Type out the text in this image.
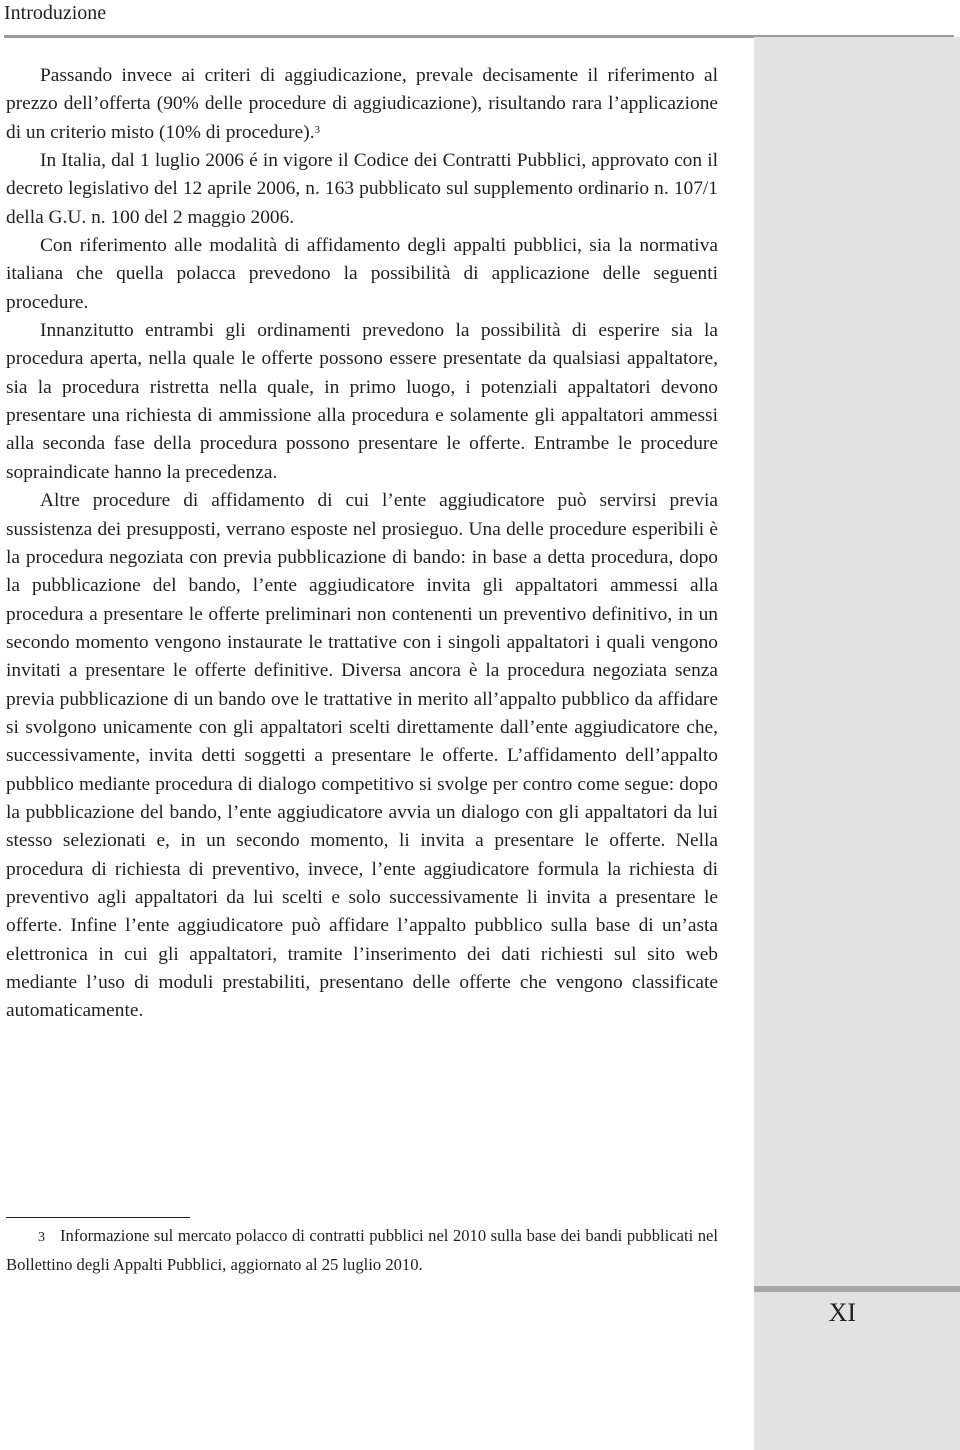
Introduzione
XI

Passando invece ai criteri di aggiudicazione, prevale decisamente il riferimento al prezzo dell’offerta (90% delle procedure di aggiudicazione), risultando rara l’applicazione di un criterio misto (10% di procedure).$^3$

In Italia, dal 1 luglio 2006 é in vigore il Codice dei Contratti Pubblici, approvato con il decreto legislativo del 12 aprile 2006, n. 163 pubblicato sul supplemento ordinario n. 107/1 della G.U. n. 100 del 2 maggio 2006.

Con riferimento alle modalità di affidamento degli appalti pubblici, sia la normativa italiana che quella polacca prevedono la possibilità di applicazione delle seguenti procedure.

Innanzitutto entrambi gli ordinamenti prevedono la possibilità di esperire sia la procedura aperta, nella quale le offerte possono essere presentate da qualsiasi appaltatore, sia la procedura ristretta nella quale, in primo luogo, i potenziali appaltatori devono presentare una richiesta di ammissione alla procedura e solamente gli appaltatori ammessi alla seconda fase della procedura possono presentare le offerte. Entrambe le procedure sopraindicate hanno la precedenza.

Altre procedure di affidamento di cui l’ente aggiudicatore può servirsi previa sussistenza dei presupposti, verrano esposte nel prosieguo. Una delle procedure esperibili è la procedura negoziata con previa pubblicazione di bando: in base a detta procedura, dopo la pubblicazione del bando, l’ente aggiudicatore invita gli appaltatori ammessi alla procedura a presentare le offerte preliminari non contenenti un preventivo definitivo, in un secondo momento vengono instaurate le trattative con i singoli appaltatori i quali vengono invitati a presentare le offerte definitive. Diversa ancora è la procedura negoziata senza previa pubblicazione di un bando ove le trattative in merito all’appalto pubblico da affidare si svolgono unicamente con gli appaltatori scelti direttamente dall’ente aggiudicatore che, successivamente, invita detti soggetti a presentare le offerte. L’affidamento dell’appalto pubblico mediante procedura di dialogo competitivo si svolge per contro come segue: dopo la pubblicazione del bando, l’ente aggiudicatore avvia un dialogo con gli appaltatori da lui stesso selezionati e, in un secondo momento, li invita a presentare le offerte. Nella procedura di richiesta di preventivo, invece, l’ente aggiudicatore formula la richiesta di preventivo agli appaltatori da lui scelti e solo successivamente li invita a presentare le offerte. Infine l’ente aggiudicatore può affidare l’appalto pubblico sulla base di un’asta elettronica in cui gli appaltatori, tramite l’inserimento dei dati richiesti sul sito web mediante l’uso di moduli prestabiliti, presentano delle offerte che vengono classificate automaticamente.

3 Informazione sul mercato polacco di contratti pubblici nel 2010 sulla base dei bandi pubblicati nel Bollettino degli Appalti Pubblici, aggiornato al 25 luglio 2010.
